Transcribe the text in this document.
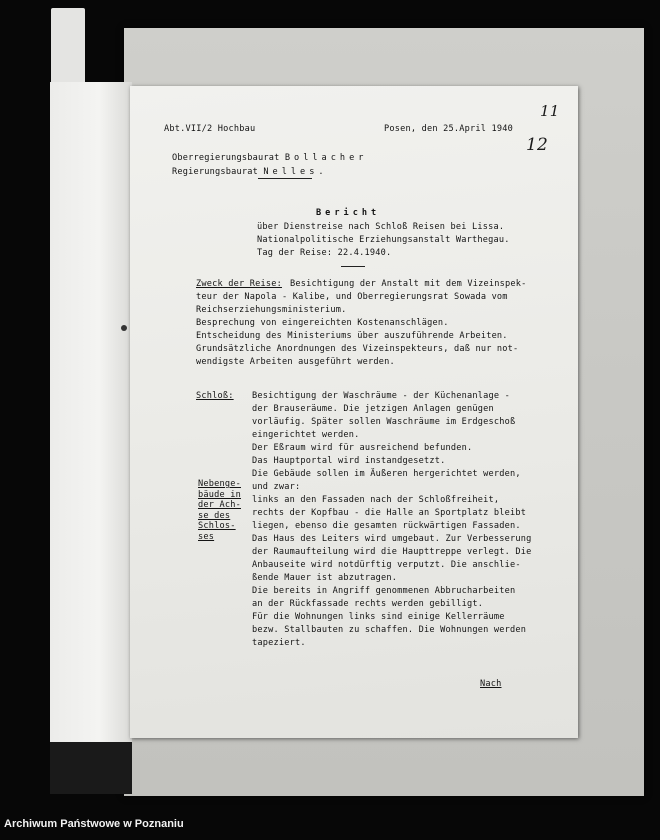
Abt.VII/2 Hochbau	Posen, den 25.April 1940
11
12
Oberregierungsbaurat Bollacher
Regierungsbaurat Nelles.
Bericht
über Dienstreise nach Schloß Reisen bei Lissa.
Nationalpolitische Erziehungsanstalt Warthegau.
Tag der Reise: 22.4.1940.
Zweck der Reise: Besichtigung der Anstalt mit dem Vizeinspek-
teur der Napola - Kalibe, und Oberregierungsrat Sowada vom
Reichserziehungsministerium.
Besprechung von eingereichten Kostenanschlägen.
Entscheidung des Ministeriums über auszuführende Arbeiten.
Grundsätzliche Anordnungen des Vizeinspekteurs, daß nur not-
wendigste Arbeiten ausgeführt werden.
Schloß: Besichtigung der Waschräume - der Küchenanlage -
der Brauseräume. Die jetzigen Anlagen genügen
vorläufig. Später sollen Waschräume im Erdgeschoß
eingerichtet werden.
Der Eßraum wird für ausreichend befunden.
Das Hauptportal wird instandgesetzt.
Die Gebäude sollen im Äußeren hergerichtet werden,
und zwar:
links an den Fassaden nach der Schloßfreiheit,
rechts der Kopfbau - die Halle an Sportplatz bleibt
liegen, ebenso die gesamten rückwärtigen Fassaden.
Das Haus des Leiters wird umgebaut. Zur Verbesserung
der Raumaufteilung wird die Haupttreppe verlegt. Die
Anbauseite wird notdürftig verputzt. Die anschlie-
ßende Mauer ist abzutragen.
Die bereits in Angriff genommenen Abbrucharbeiten
an der Rückfassade rechts werden gebilligt.
Für die Wohnungen links sind einige Kellerräume
bezw. Stallbauten zu schaffen. Die Wohnungen werden
tapeziert.
Nebenge-
bäude in
der Ach-
se des
Schlos-
ses
Nach
Archiwum Państwowe w Poznaniu
